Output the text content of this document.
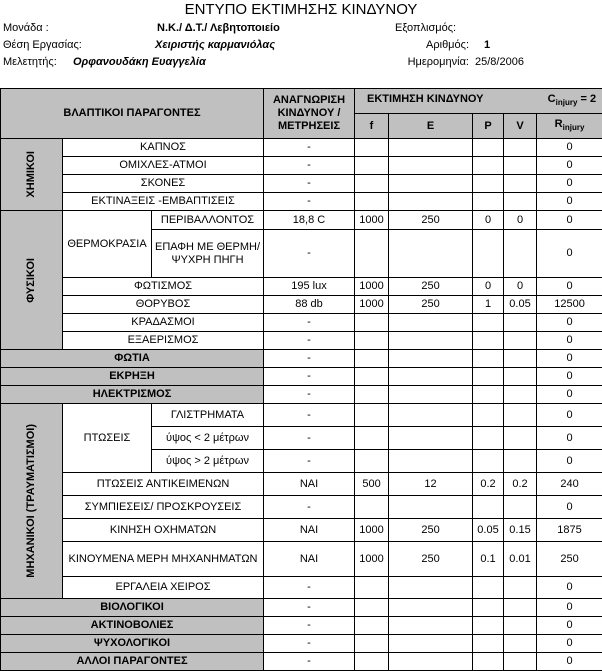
ΕΝΤΥΠΟ ΕΚΤΙΜΗΣΗΣ ΚΙΝΔΥΝΟΥ
Μονάδα :	Ν.Κ./ Δ.Τ./ Λεβητοποιείο		Εξοπλισμός:		
Θέση Εργασίας:		Χειριστής καρμανιόλας	Αριθμός:	1	
Μελετητής:	Ορφανουδάκη Ευαγγελία		Ημερομηνία:	25/8/2006	
ΒΛΑΠΤΙΚΟΙ ΠΑΡΑΓΟΝΤΕΣ			ΑΝΑΓΝΩΡΙΣΗ ΚΙΝΔΥΝΟΥ / ΜΕΤΡΗΣΕΙΣ	ΕΚΤΙΜΗΣΗ ΚΙΝΔΥΝΟΥ $C_{injury} = 2$				

				f	E	P	V	$R_{injury}$

ΧΗΜΙΚΟΙ	ΚΑΠΝΟΣ		-					0
	ΟΜΙΧΛΕΣ-ΑΤΜΟΙ		-					0
	ΣΚΟΝΕΣ		-					0
	ΕΚΤΙΝΑΞΕΙΣ -ΕΜΒΑΠΤΙΣΕΙΣ		-					0

ΦΥΣΙΚΟΙ	ΘΕΡΜΟΚΡΑΣΙΑ	ΠΕΡΙΒΑΛΛΟΝΤΟΣ	18,8 C	1000	250	0	0	0
		ΕΠΑΦΗ ΜΕ ΘΕΡΜΗ/ ΨΥΧΡΗ ΠΗΓΗ	-					0
	ΦΩΤΙΣΜΟΣ		195 lux	1000	250	0	0	0
	ΘΟΡΥΒΟΣ		88 db	1000	250	1	0.05	12500
	ΚΡΑΔΑΣΜΟΙ		-					0
	ΕΞΑΕΡΙΣΜΟΣ		-					0
ΦΩΤΙΑ			-					0
ΕΚΡΗΞΗ			-					0
ΗΛΕΚΤΡΙΣΜΟΣ			-					0

ΜΗΧΑΝΙΚΟΙ (ΤΡΑΥΜΑΤΙΣΜΟΙ)	ΠΤΩΣΕΙΣ	ΓΛΙΣΤΡΗΜΑΤΑ	-					0
		ύψος < 2 μέτρων	-					0
		ύψος > 2 μέτρων	-					0
	ΠΤΩΣΕΙΣ ΑΝΤΙΚΕΙΜΕΝΩΝ		ΝΑΙ	500	12	0.2	0.2	240
	ΣΥΜΠΙΕΣΕΙΣ/ ΠΡΟΣΚΡΟΥΣΕΙΣ		-					0
	ΚΙΝΗΣΗ ΟΧΗΜΑΤΩΝ		ΝΑΙ	1000	250	0.05	0.15	1875
	ΚΙΝΟΥΜΕΝΑ ΜΕΡΗ ΜΗΧΑΝΗΜΑΤΩΝ		ΝΑΙ	1000	250	0.1	0.01	250
	ΕΡΓΑΛΕΙΑ ΧΕΙΡΟΣ		-					0
ΒΙΟΛΟΓΙΚΟΙ			-					0
ΑΚΤΙΝΟΒΟΛΙΕΣ			-					0
ΨΥΧΟΛΟΓΙΚΟΙ			-					0
ΑΛΛΟΙ ΠΑΡΑΓΟΝΤΕΣ			-					0
